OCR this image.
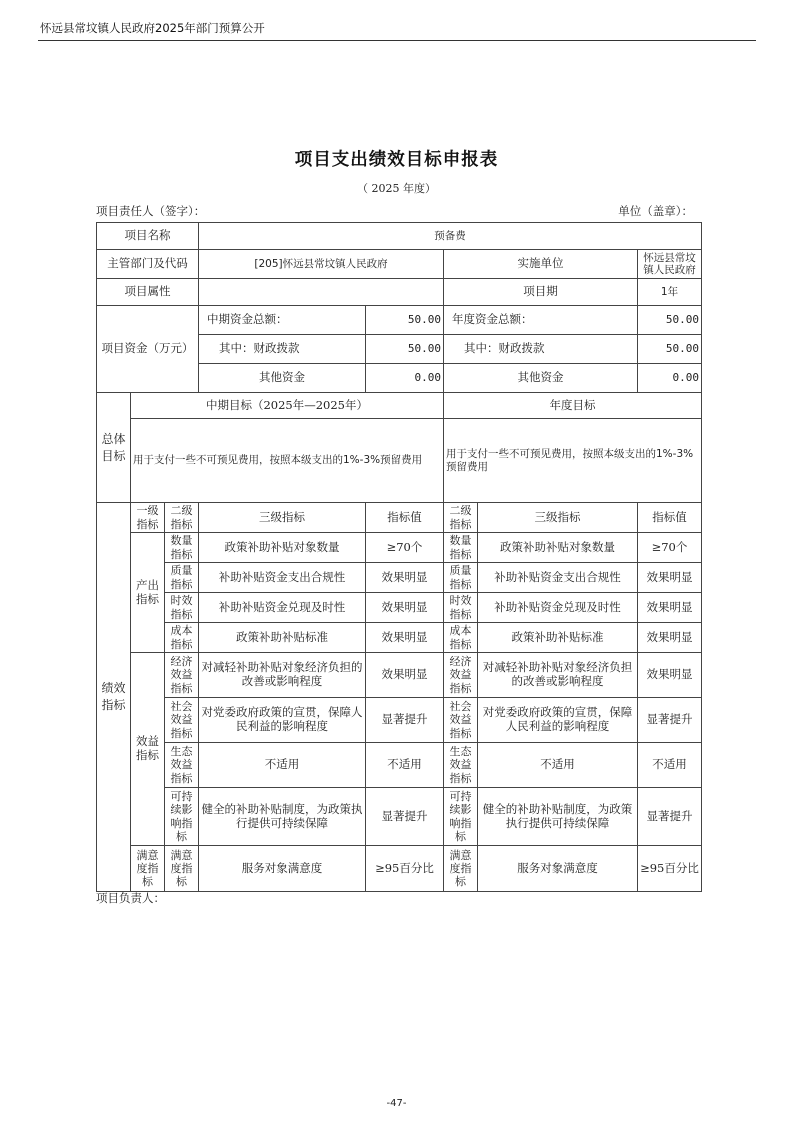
怀远县常坟镇人民政府2025年部门预算公开
项目支出绩效目标申报表
（ 2025 年度）
项目责任人（签字）：	单位（盖章）：
项目名称			预备费				
主管部门及代码			[205]怀远县常坟镇人民政府		实施单位		怀远县常坟镇人民政府
项目属性					项目期		1年
项目资金（万元）			中期资金总额：	50.00	年度资金总额：		50.00
			其中：财政拨款	50.00	其中：财政拨款		50.00
			其他资金	0.00	其他资金		0.00
总体目标	中期目标（2025年—2025年）				年度目标		
	用于支付一些不可预见费用，按照本级支出的1%-3%预留费用				用于支付一些不可预见费用，按照本级支出的1%-3%预留费用		
绩效指标	一级指标	二级指标	三级指标	指标值	二级指标	三级指标	指标值
	产出指标	数量指标	政策补助补贴对象数量	≥70个	数量指标	政策补助补贴对象数量	≥70个
		质量指标	补助补贴资金支出合规性	效果明显	质量指标	补助补贴资金支出合规性	效果明显
		时效指标	补助补贴资金兑现及时性	效果明显	时效指标	补助补贴资金兑现及时性	效果明显
		成本指标	政策补助补贴标准	效果明显	成本指标	政策补助补贴标准	效果明显
	效益指标	经济效益指标	对减轻补助补贴对象经济负担的改善或影响程度	效果明显	经济效益指标	对减轻补助补贴对象经济负担的改善或影响程度	效果明显
		社会效益指标	对党委政府政策的宣贯，保障人民利益的影响程度	显著提升	社会效益指标	对党委政府政策的宣贯，保障人民利益的影响程度	显著提升
		生态效益指标	不适用	不适用	生态效益指标	不适用	不适用
		可持续影响指标	健全的补助补贴制度，为政策执行提供可持续保障	显著提升	可持续影响指标	健全的补助补贴制度，为政策执行提供可持续保障	显著提升
	满意度指标	满意度指标	服务对象满意度	≥95百分比	满意度指标	服务对象满意度	≥95百分比
项目负责人：
-47-
